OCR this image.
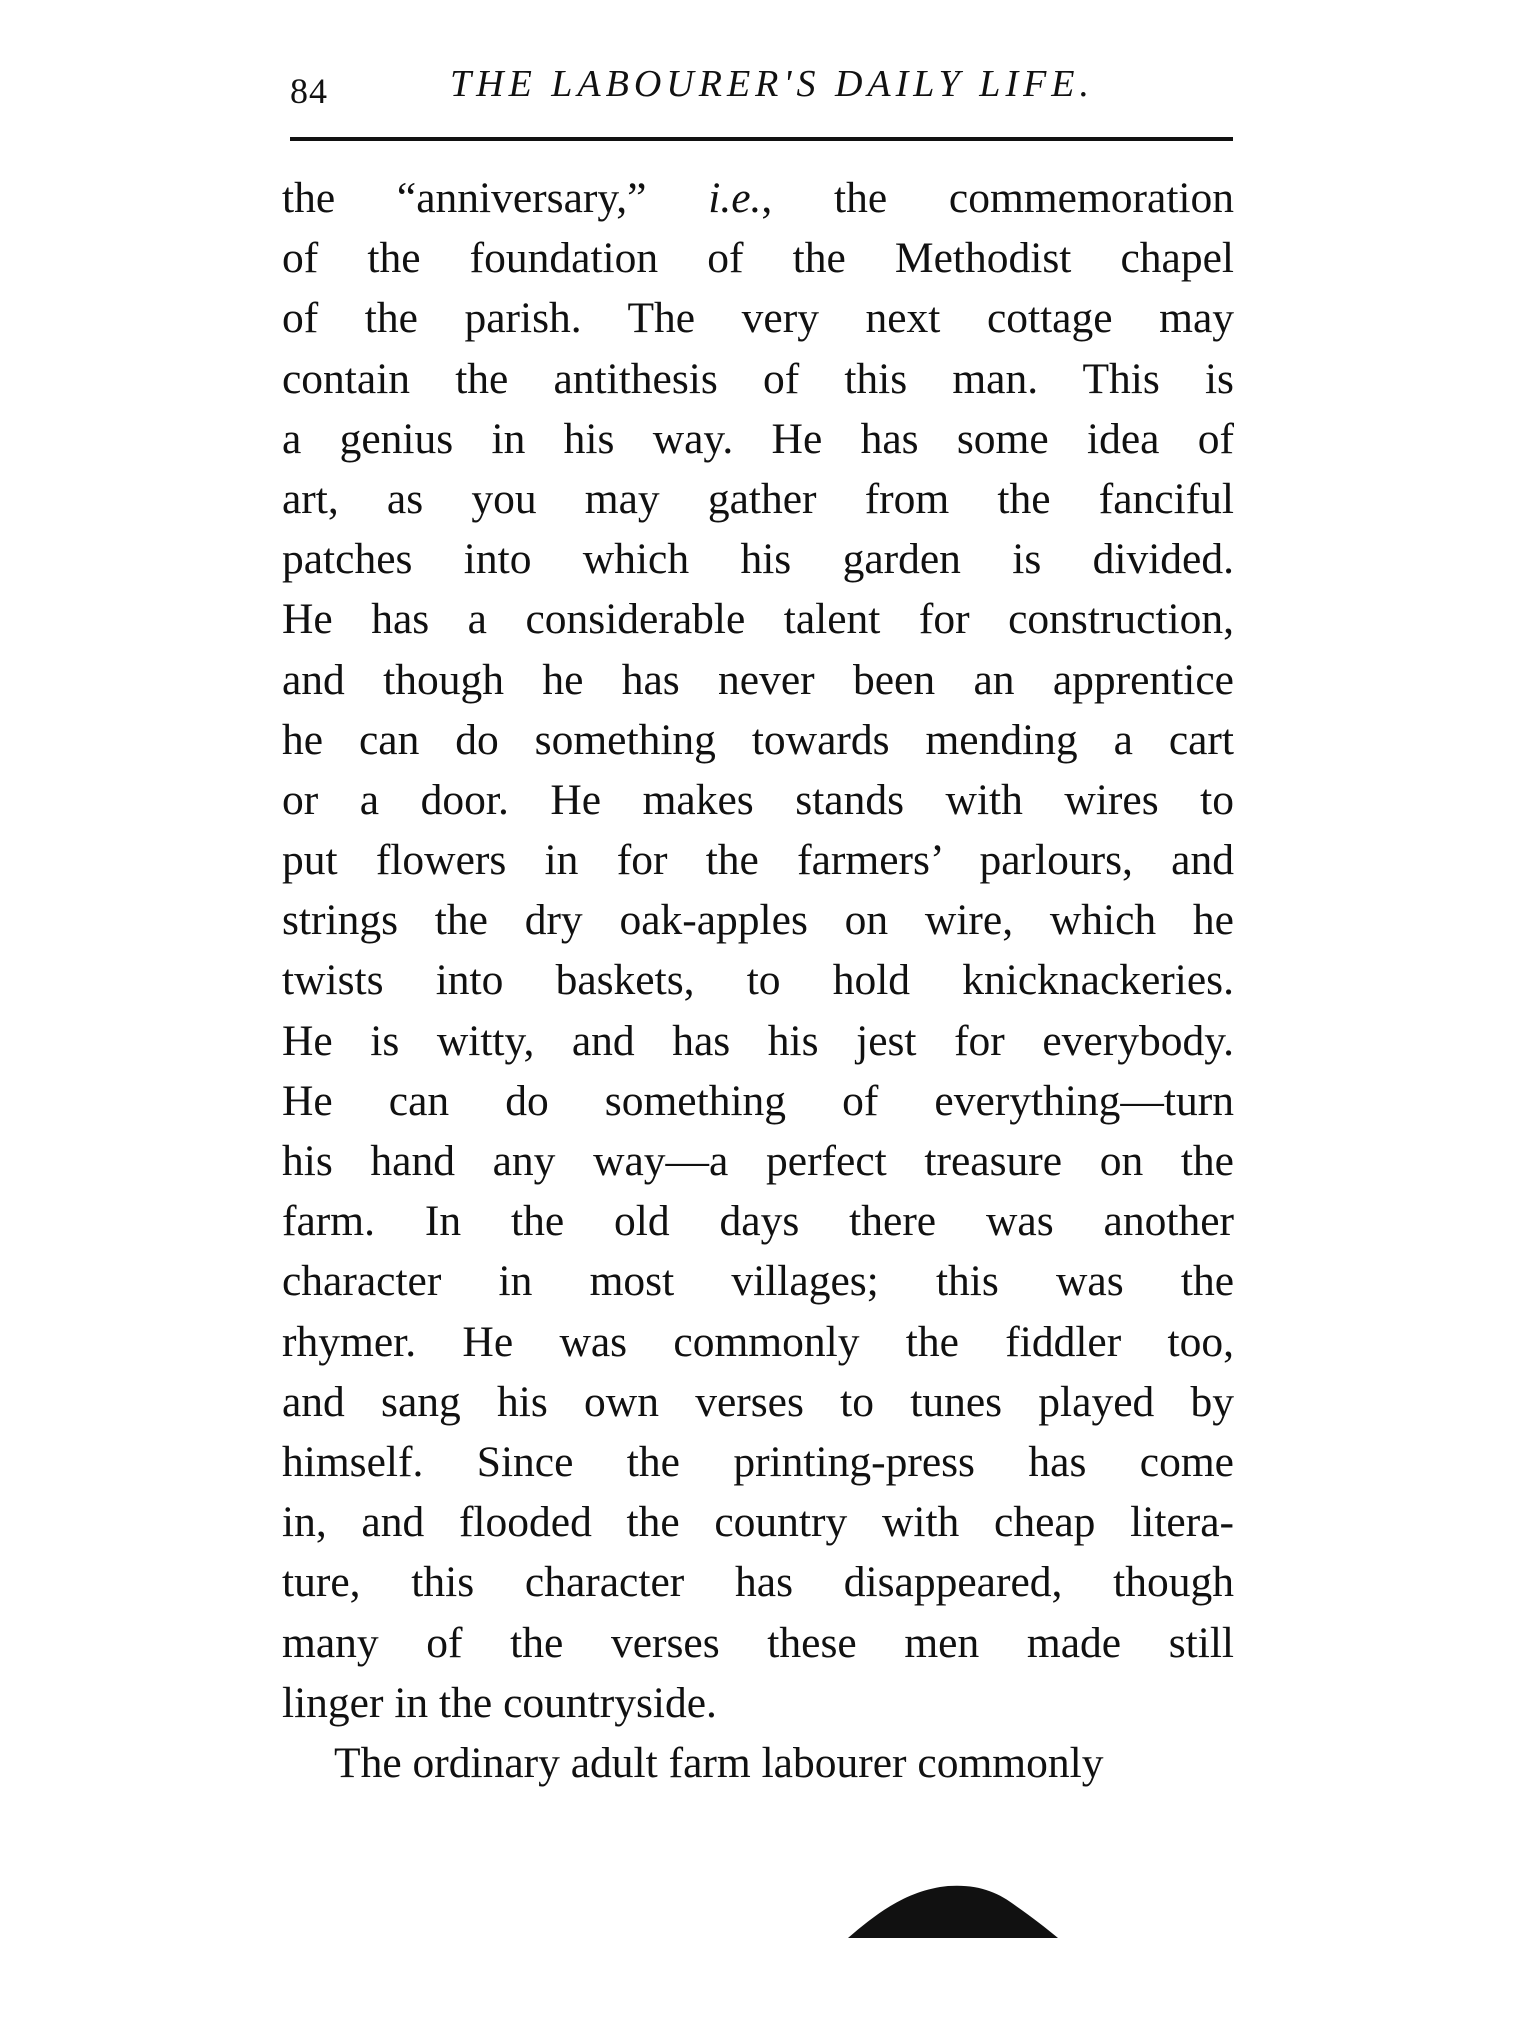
84	THE LABOURER'S DAILY LIFE.
the “anniversary,” i.e., the commemoration
of the foundation of the Methodist chapel
of the parish. The very next cottage may
contain the antithesis of this man. This is
a genius in his way. He has some idea of
art, as you may gather from the fanciful
patches into which his garden is divided.
He has a considerable talent for construction,
and though he has never been an apprentice
he can do something towards mending a cart
or a door. He makes stands with wires to
put flowers in for the farmers’ parlours, and
strings the dry oak-apples on wire, which he
twists into baskets, to hold knicknackeries.
He is witty, and has his jest for everybody.
He can do something of everything—turn
his hand any way—a perfect treasure on the
farm. In the old days there was another
character in most villages; this was the
rhymer. He was commonly the fiddler too,
and sang his own verses to tunes played by
himself. Since the printing-press has come
in, and flooded the country with cheap litera-
ture, this character has disappeared, though
many of the verses these men made still
linger in the countryside.
The ordinary adult farm labourer commonly
